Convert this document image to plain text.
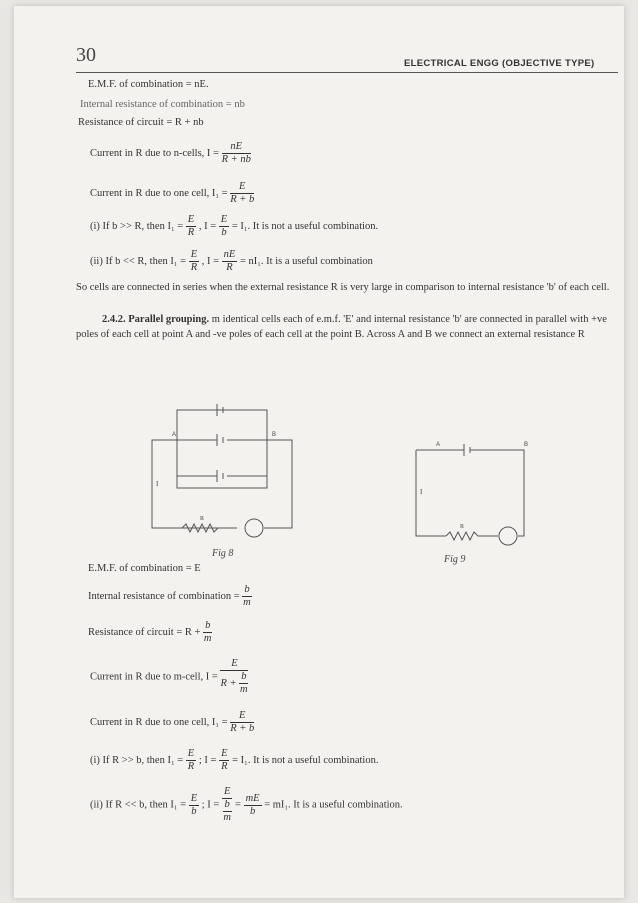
30	ELECTRICAL ENGG (OBJECTIVE TYPE)
E.M.F. of combination = nE.
Internal resistance of combination = nb
Resistance of circuit = R + nb
Current in R due to n-cells, $I = \frac{nE}{R + nb}$
Current in R due to one cell, $I_1 = \frac{E}{R + b}$
(i) If b >> R, then $I_1 = \frac{E}{R}$ , $I = \frac{E}{b} = I_1$. It is not a useful combination.
(ii) If b << R, then $I_1 = \frac{E}{R}$ , $I = \frac{nE}{R} = nI_1$. It is a useful combination
So cells are connected in series when the external resistance R is very large in comparison to internal resistance 'b' of each cell.
2.4.2. Parallel grouping. m identical cells each of e.m.f. 'E' and internal resistance 'b' are connected in parallel with +ve poles of each cell at point A and -ve poles of each cell at the point B. Across A and B we connect an external resistance R
A	B
I
R
Fig 8
A	B
I
R
Fig 9
E.M.F. of combination = E
Internal resistance of combination = $\frac{b}{m}$
Resistance of circuit = $R + \frac{b}{m}$
Current in R due to m-cell, $I = \frac{E}{R + \frac{b}{m}}$
Current in R due to one cell, $I_1 = \frac{E}{R + b}$
(i) If R >> b, then $I_1 = \frac{E}{R}$ ; $I = \frac{E}{R} = I_1$. It is not a useful combination.
(ii) If R << b, then $I_1 = \frac{E}{b}$ ; $I = \frac{E}{\frac{b}{m}} = \frac{mE}{b} = mI_1$. It is a useful combination.
